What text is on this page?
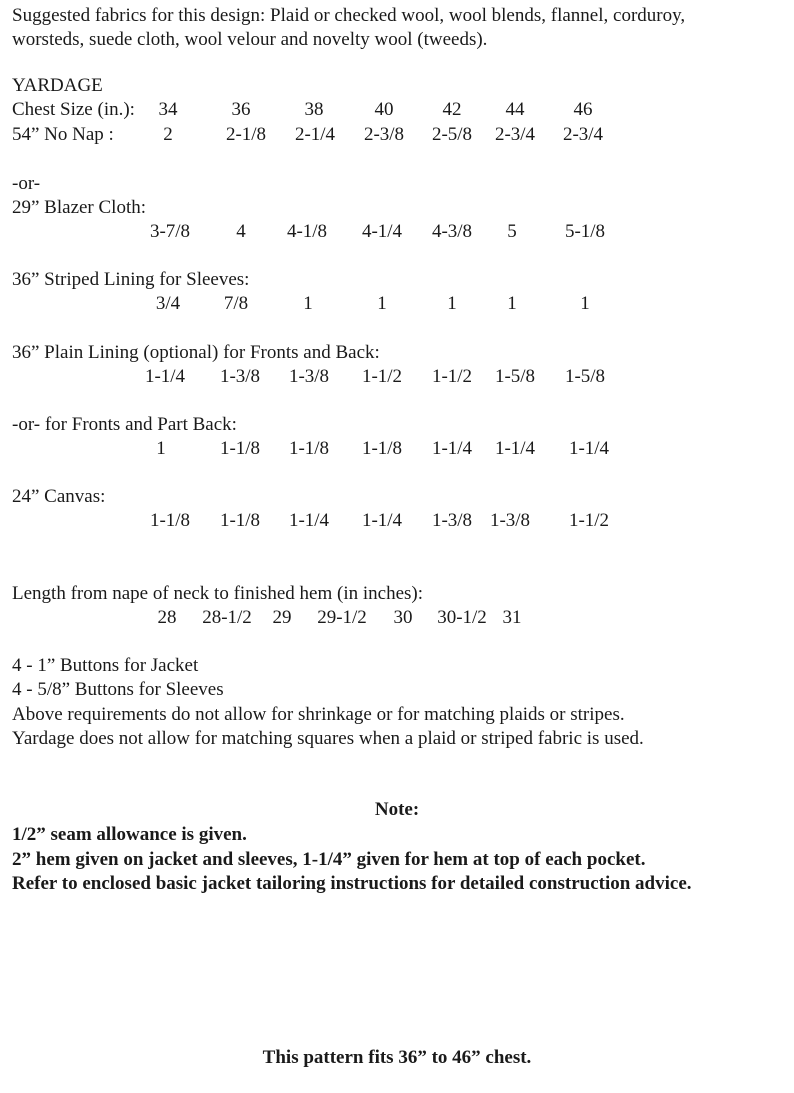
Suggested fabrics for this design: Plaid or checked wool, wool blends, flannel, corduroy,
worsteds, suede cloth, wool velour and novelty wool (tweeds).
YARDAGE
Chest Size (in.): 34	36	38	40	42 44	46
54” No Nap :	2	2-1/8 2-1/4 2-3/8 2-5/8 2-3/4 2-3/4
-or-
29” Blazer Cloth:
3-7/8 4 4-1/8 4-1/4 4-3/8 5	5-1/8
36” Striped Lining for Sleeves:
3/4 7/8	1	1	1	1	1
36” Plain Lining (optional) for Fronts and Back:
1-1/4 1-3/8 1-3/8 1-1/2 1-1/2 1-5/8 1-5/8
-or- for Fronts and Part Back:
1	1-1/8 1-1/8 1-1/8 1-1/4 1-1/4 1-1/4
24” Canvas:
1-1/8 1-1/8 1-1/4 1-1/4 1-3/8 1-3/8 1-1/2
Length from nape of neck to finished hem (in inches):
28 28-1/2 29 29-1/2 30 30-1/2 31
4 - 1” Buttons for Jacket
4 - 5/8” Buttons for Sleeves
Above requirements do not allow for shrinkage or for matching plaids or stripes.
Yardage does not allow for matching squares when a plaid or striped fabric is used.
Note:
1/2” seam allowance is given.
2” hem given on jacket and sleeves, 1-1/4” given for hem at top of each pocket.
Refer to enclosed basic jacket tailoring instructions for detailed construction advice.
This pattern fits 36” to 46” chest.
